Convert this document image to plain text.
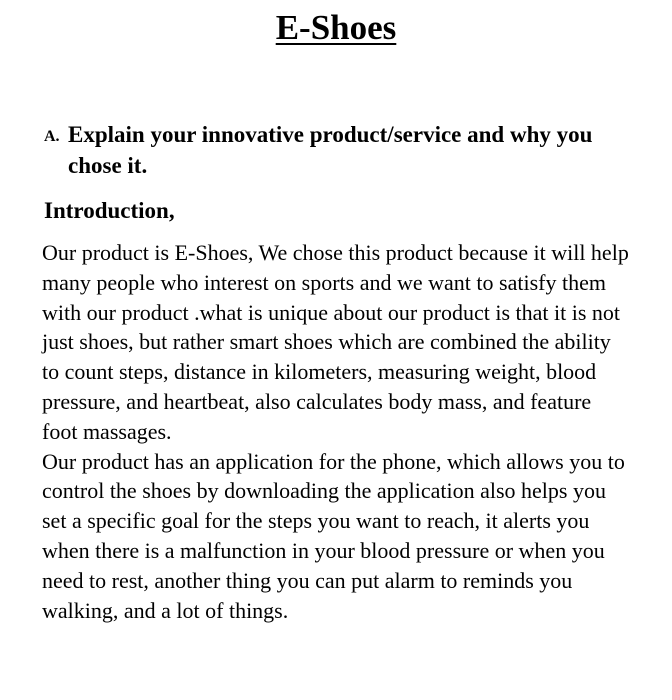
E-Shoes
A. Explain your innovative product/service and why you chose it.
Introduction,

Our product is E-Shoes, We chose this product because it will help many people who interest on sports and we want to satisfy them with our product .what is unique about our product is that it is not just shoes, but rather smart shoes which are combined the ability to count steps, distance in kilometers, measuring weight, blood pressure, and heartbeat, also calculates body mass, and feature foot massages.

Our product has an application for the phone, which allows you to control the shoes by downloading the application also helps you set a specific goal for the steps you want to reach, it alerts you when there is a malfunction in your blood pressure or when you need to rest, another thing you can put alarm to reminds you walking, and a lot of things.
